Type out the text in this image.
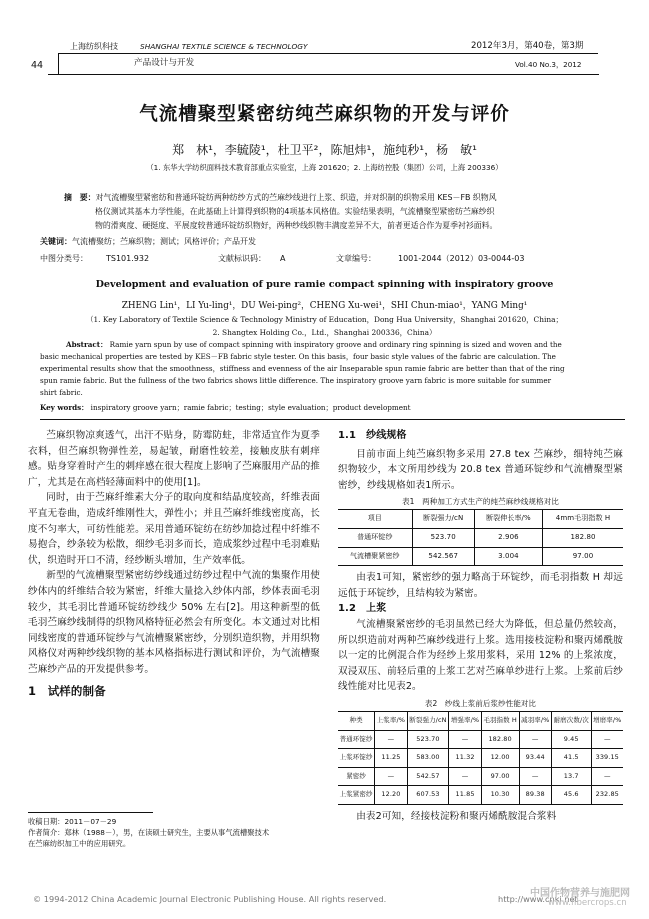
上海纺织科技	SHANGHAI TEXTILE SCIENCE & TECHNOLOGY	2012年3月，第40卷，第3期
44	产品设计与开发	Vol.40 No.3，2012
气流槽聚型紧密纺纯苎麻织物的开发与评价
郑　林¹，李毓陵¹，杜卫平²，陈旭炜¹，施纯秒¹，杨　敏¹
（1. 东华大学纺织面料技术教育部重点实验室，上海 201620；2. 上海纺控股（集团）公司，上海 200336）
摘　要：对气流槽聚型紧密纺和普通环锭纺两种纺纱方式的苎麻纱线进行上浆、织造，并对织制的织物采用 KES－FB 织物风
格仪测试其基本力学性能，在此基础上计算得到织物的4项基本风格值。实验结果表明，气流槽聚型紧密纺苎麻纱织
物的滑爽度、硬挺度、平展度较普通环锭纺织物好，两种纱线织物丰满度差异不大，前者更适合作为夏季衬衫面料。
关键词：气流槽聚纺；苎麻织物；测试；风格评价；产品开发
中图分类号： TS101.932	文献标识码： A	文章编号：	1001-2044（2012）03-0044-03
Development and evaluation of pure ramie compact spinning with inspiratory groove
ZHENG Lin¹，LI Yu-ling¹，DU Wei-ping²，CHENG Xu-wei¹，SHI Chun-miao¹，YANG Ming¹
（1. Key Laboratory of Textile Science & Technology Ministry of Education，Dong Hua University，Shanghai 201620，China；
2. Shangtex Holding Co.，Ltd.，Shanghai 200336，China）
Abstract： Ramie yarn spun by use of compact spinning with inspiratory groove and ordinary ring spinning is sized and woven and the
basic mechanical properties are tested by KES－FB fabric style tester. On this basis，four basic style values of the fabric are calculation. The
experimental results show that the smoothness，stiffness and evenness of the air Inseparable spun ramie fabric are better than that of the ring
spun ramie fabric. But the fullness of the two fabrics shows little difference. The inspiratory groove yarn fabric is more suitable for summer
shirt fabric.
Key words： inspiratory groove yarn；ramie fabric；testing；style evaluation；product development

苎麻织物凉爽透气，出汗不贴身，防霉防蛀，非常适宜作为夏季衣料，但苎麻织物弹性差，易起皱，耐磨性较差，接触皮肤有刺痒感。贴身穿着时产生的刺痒感在很大程度上影响了苎麻服用产品的推广，尤其是在高档轻薄面料中的使用[1]。

同时，由于苎麻纤维素大分子的取向度和结晶度较高，纤维表面平直无卷曲，造成纤维刚性大，弹性小；并且苎麻纤维线密度高，长度不匀率大，可纺性能差。采用普通环锭纺在纺纱加捻过程中纤维不易抱合，纱条较为松散，细纱毛羽多而长，造成浆纱过程中毛羽难贴伏，织造时开口不清，经纱断头增加，生产效率低。

新型的气流槽聚型紧密纺纱线通过纺纱过程中气流的集聚作用使纱体内的纤维结合较为紧密，纤维大量捻入纱体内部，纱体表面毛羽较少，其毛羽比普通环锭纺纱线少 50% 左右[2]。用这种新型的低毛羽苎麻纱线制得的织物风格特征必然会有所变化。本文通过对比相同线密度的普通环锭纱与气流槽聚紧密纱，分别织造织物，并用织物风格仪对两种纱线织物的基本风格指标进行测试和评价，为气流槽聚苎麻纱产品的开发提供参考。

1　试样的制备
收稿日期：2011－07－29
作者简介：郑林（1988－），男，在读硕士研究生，主要从事气流槽聚技术
在苎麻纺织加工中的应用研究。
1.1　纱线规格

目前市面上纯苎麻织物多采用 27.8 tex 苎麻纱，细特纯苎麻织物较少，本文所用纱线为 20.8 tex 普通环锭纱和气流槽聚型紧密纱，纱线规格如表1所示。

表1　两种加工方式生产的纯苎麻纱线规格对比
项目	断裂强力/cN	断裂伸长率/%	4mm毛羽指数 H
普通环锭纱	523.70	2.906	182.80
气流槽聚紧密纱	542.567	3.004	97.00

由表1可知，紧密纱的强力略高于环锭纱，而毛羽指数 H 却远远低于环锭纱，且结构较为紧密。

1.2　上浆

气流槽聚紧密纱的毛羽虽然已经大为降低，但总量仍然较高，所以织造前对两种苎麻纱线进行上浆。选用接枝淀粉和聚丙烯酰胺以一定的比例混合作为经纱上浆用浆料，采用 12% 的上浆浓度，双浸双压、前轻后重的上浆工艺对苎麻单纱进行上浆。上浆前后纱线性能对比见表2。

表2　纱线上浆前后浆纱性能对比
种类	上浆率/%	断裂强力/cN	增强率/%	毛羽指数 H	减羽率/%	耐磨次数/次	增磨率/%
普通环锭纱	—	523.70	—	182.80	—	9.45	—
上浆环锭纱	11.25	583.00	11.32	12.00	93.44	41.5	339.15
紧密纱	—	542.57	—	97.00	—	13.7	—
上浆紧密纱	12.20	607.53	11.85	10.30	89.38	45.6	232.85

由表2可知，经接枝淀粉和聚丙烯酰胺混合浆料

© 1994-2012 China Academic Journal Electronic Publishing House. All rights reserved.	http://www.cnki.net
中国作物营养与施肥网
www.fibercrops.cn
